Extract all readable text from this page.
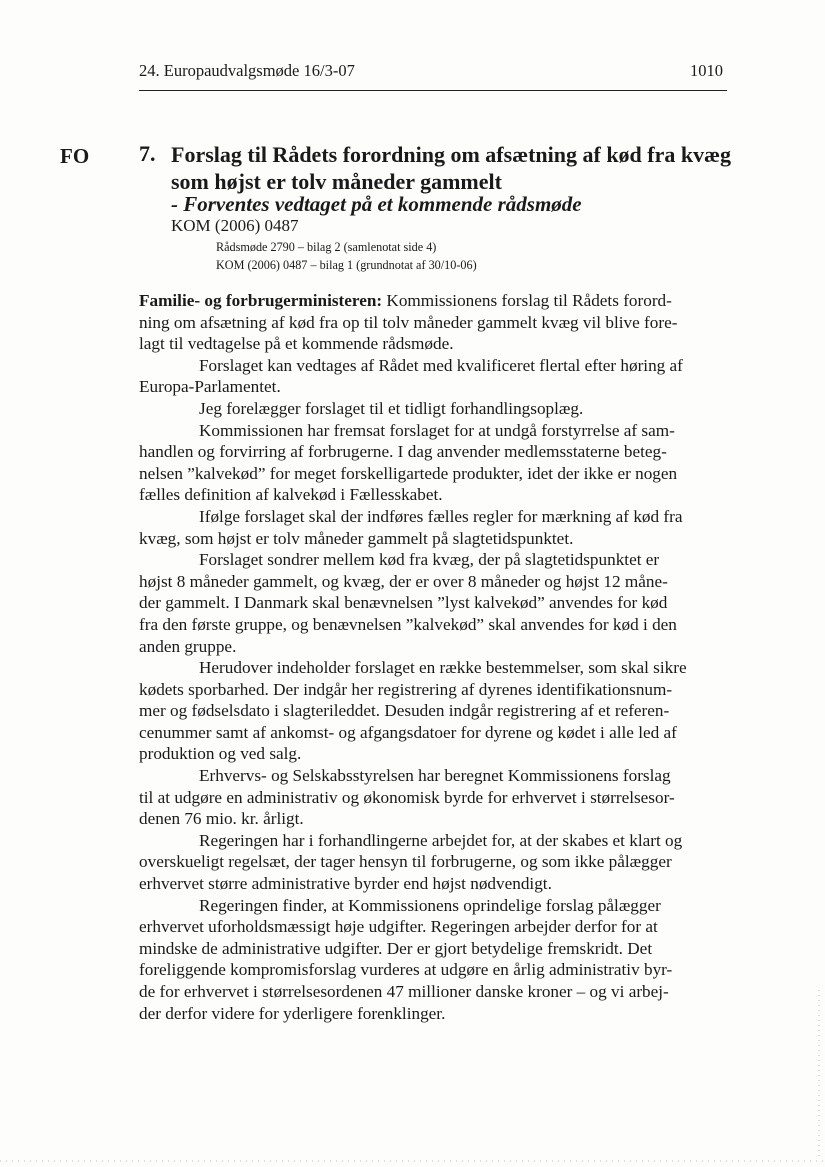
24. Europaudvalgsmøde 16/3-07	1010
FO 7. Forslag til Rådets forordning om afsætning af kød fra kvæg
som højst er tolv måneder gammelt
- Forventes vedtaget på et kommende rådsmøde
KOM (2006) 0487
Rådsmøde 2790 – bilag 2 (samlenotat side 4)
KOM (2006) 0487 – bilag 1 (grundnotat af 30/10-06)
Familie- og forbrugerministeren: Kommissionens forslag til Rådets forord-
ning om afsætning af kød fra op til tolv måneder gammelt kvæg vil blive fore-
lagt til vedtagelse på et kommende rådsmøde.
Forslaget kan vedtages af Rådet med kvalificeret flertal efter høring af
Europa-Parlamentet.
Jeg forelægger forslaget til et tidligt forhandlingsoplæg.
Kommissionen har fremsat forslaget for at undgå forstyrrelse af sam-
handlen og forvirring af forbrugerne. I dag anvender medlemsstaterne beteg-
nelsen ”kalvekød” for meget forskelligartede produkter, idet der ikke er nogen
fælles definition af kalvekød i Fællesskabet.
Ifølge forslaget skal der indføres fælles regler for mærkning af kød fra
kvæg, som højst er tolv måneder gammelt på slagtetidspunktet.
Forslaget sondrer mellem kød fra kvæg, der på slagtetidspunktet er
højst 8 måneder gammelt, og kvæg, der er over 8 måneder og højst 12 måne-
der gammelt. I Danmark skal benævnelsen ”lyst kalvekød” anvendes for kød
fra den første gruppe, og benævnelsen ”kalvekød” skal anvendes for kød i den
anden gruppe.
Herudover indeholder forslaget en række bestemmelser, som skal sikre
kødets sporbarhed. Der indgår her registrering af dyrenes identifikationsnum-
mer og fødselsdato i slagterileddet. Desuden indgår registrering af et referen-
cenummer samt af ankomst- og afgangsdatoer for dyrene og kødet i alle led af
produktion og ved salg.
Erhvervs- og Selskabsstyrelsen har beregnet Kommissionens forslag
til at udgøre en administrativ og økonomisk byrde for erhvervet i størrelsesor-
denen 76 mio. kr. årligt.
Regeringen har i forhandlingerne arbejdet for, at der skabes et klart og
overskueligt regelsæt, der tager hensyn til forbrugerne, og som ikke pålægger
erhvervet større administrative byrder end højst nødvendigt.
Regeringen finder, at Kommissionens oprindelige forslag pålægger
erhvervet uforholdsmæssigt høje udgifter. Regeringen arbejder derfor for at
mindske de administrative udgifter. Der er gjort betydelige fremskridt. Det
foreliggende kompromisforslag vurderes at udgøre en årlig administrativ byr-
de for erhvervet i størrelsesordenen 47 millioner danske kroner – og vi arbej-
der derfor videre for yderligere forenklinger.
